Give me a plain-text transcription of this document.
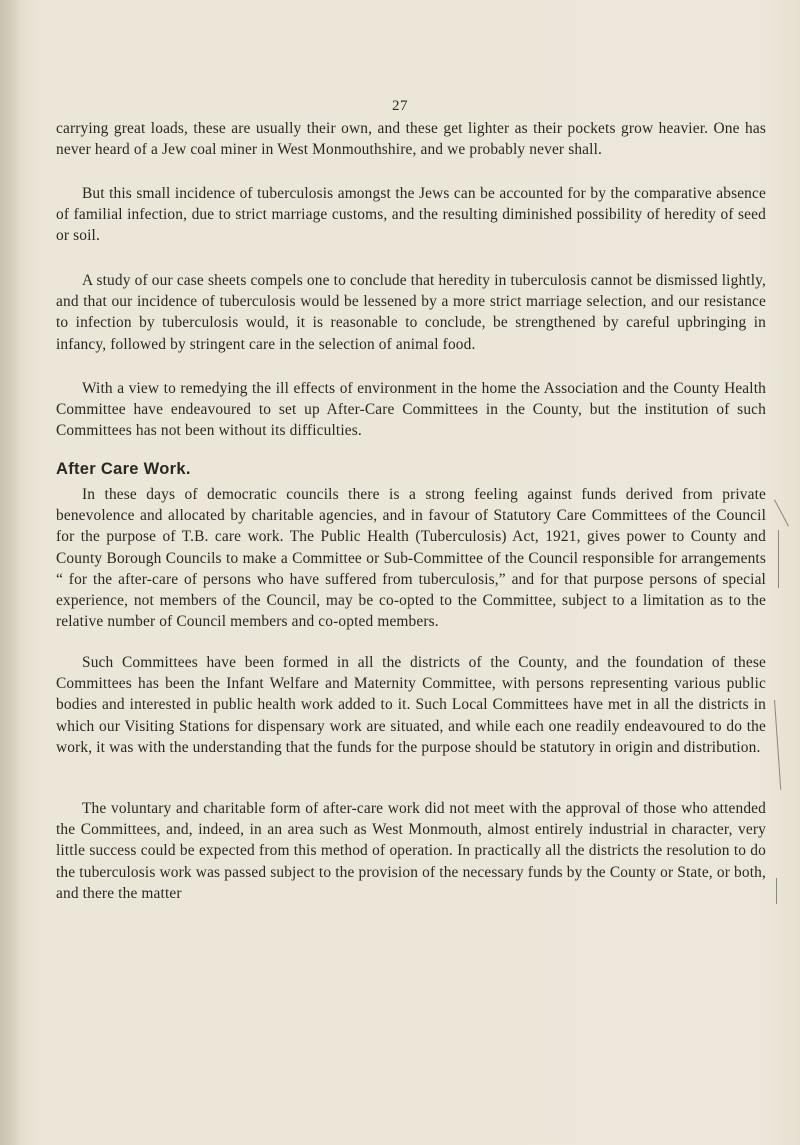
27

carrying great loads, these are usually their own, and these get lighter as their pockets grow heavier. One has never heard of a Jew coal miner in West Monmouthshire, and we probably never shall.

But this small incidence of tuberculosis amongst the Jews can be accounted for by the comparative absence of familial infection, due to strict marriage customs, and the resulting diminished possibility of heredity of seed or soil.

A study of our case sheets compels one to conclude that heredity in tuberculosis cannot be dismissed lightly, and that our incidence of tuberculosis would be lessened by a more strict marriage selection, and our resistance to infection by tuberculosis would, it is reasonable to conclude, be strengthened by careful upbringing in infancy, followed by stringent care in the selection of animal food.

With a view to remedying the ill effects of environment in the home the Association and the County Health Committee have endeavoured to set up After-Care Committees in the County, but the institution of such Committees has not been without its difficulties.

After Care Work.

In these days of democratic councils there is a strong feeling against funds derived from private benevolence and allocated by charitable agencies, and in favour of Statutory Care Committees of the Council for the purpose of T.B. care work. The Public Health (Tuberculosis) Act, 1921, gives power to County and County Borough Councils to make a Committee or Sub-Committee of the Council responsible for arrangements “ for the after-care of persons who have suffered from tuberculosis,” and for that purpose persons of special experience, not members of the Council, may be co-opted to the Committee, subject to a limitation as to the relative number of Council members and co-opted members.

Such Committees have been formed in all the districts of the County, and the foundation of these Committees has been the Infant Welfare and Maternity Committee, with persons representing various public bodies and interested in public health work added to it. Such Local Committees have met in all the districts in which our Visiting Stations for dispensary work are situated, and while each one readily endeavoured to do the work, it was with the understanding that the funds for the purpose should be statutory in origin and distribution.

The voluntary and charitable form of after-care work did not meet with the approval of those who attended the Committees, and, indeed, in an area such as West Monmouth, almost entirely industrial in character, very little success could be expected from this method of operation. In practically all the districts the resolution to do the tuberculosis work was passed subject to the provision of the necessary funds by the County or State, or both, and there the matter
